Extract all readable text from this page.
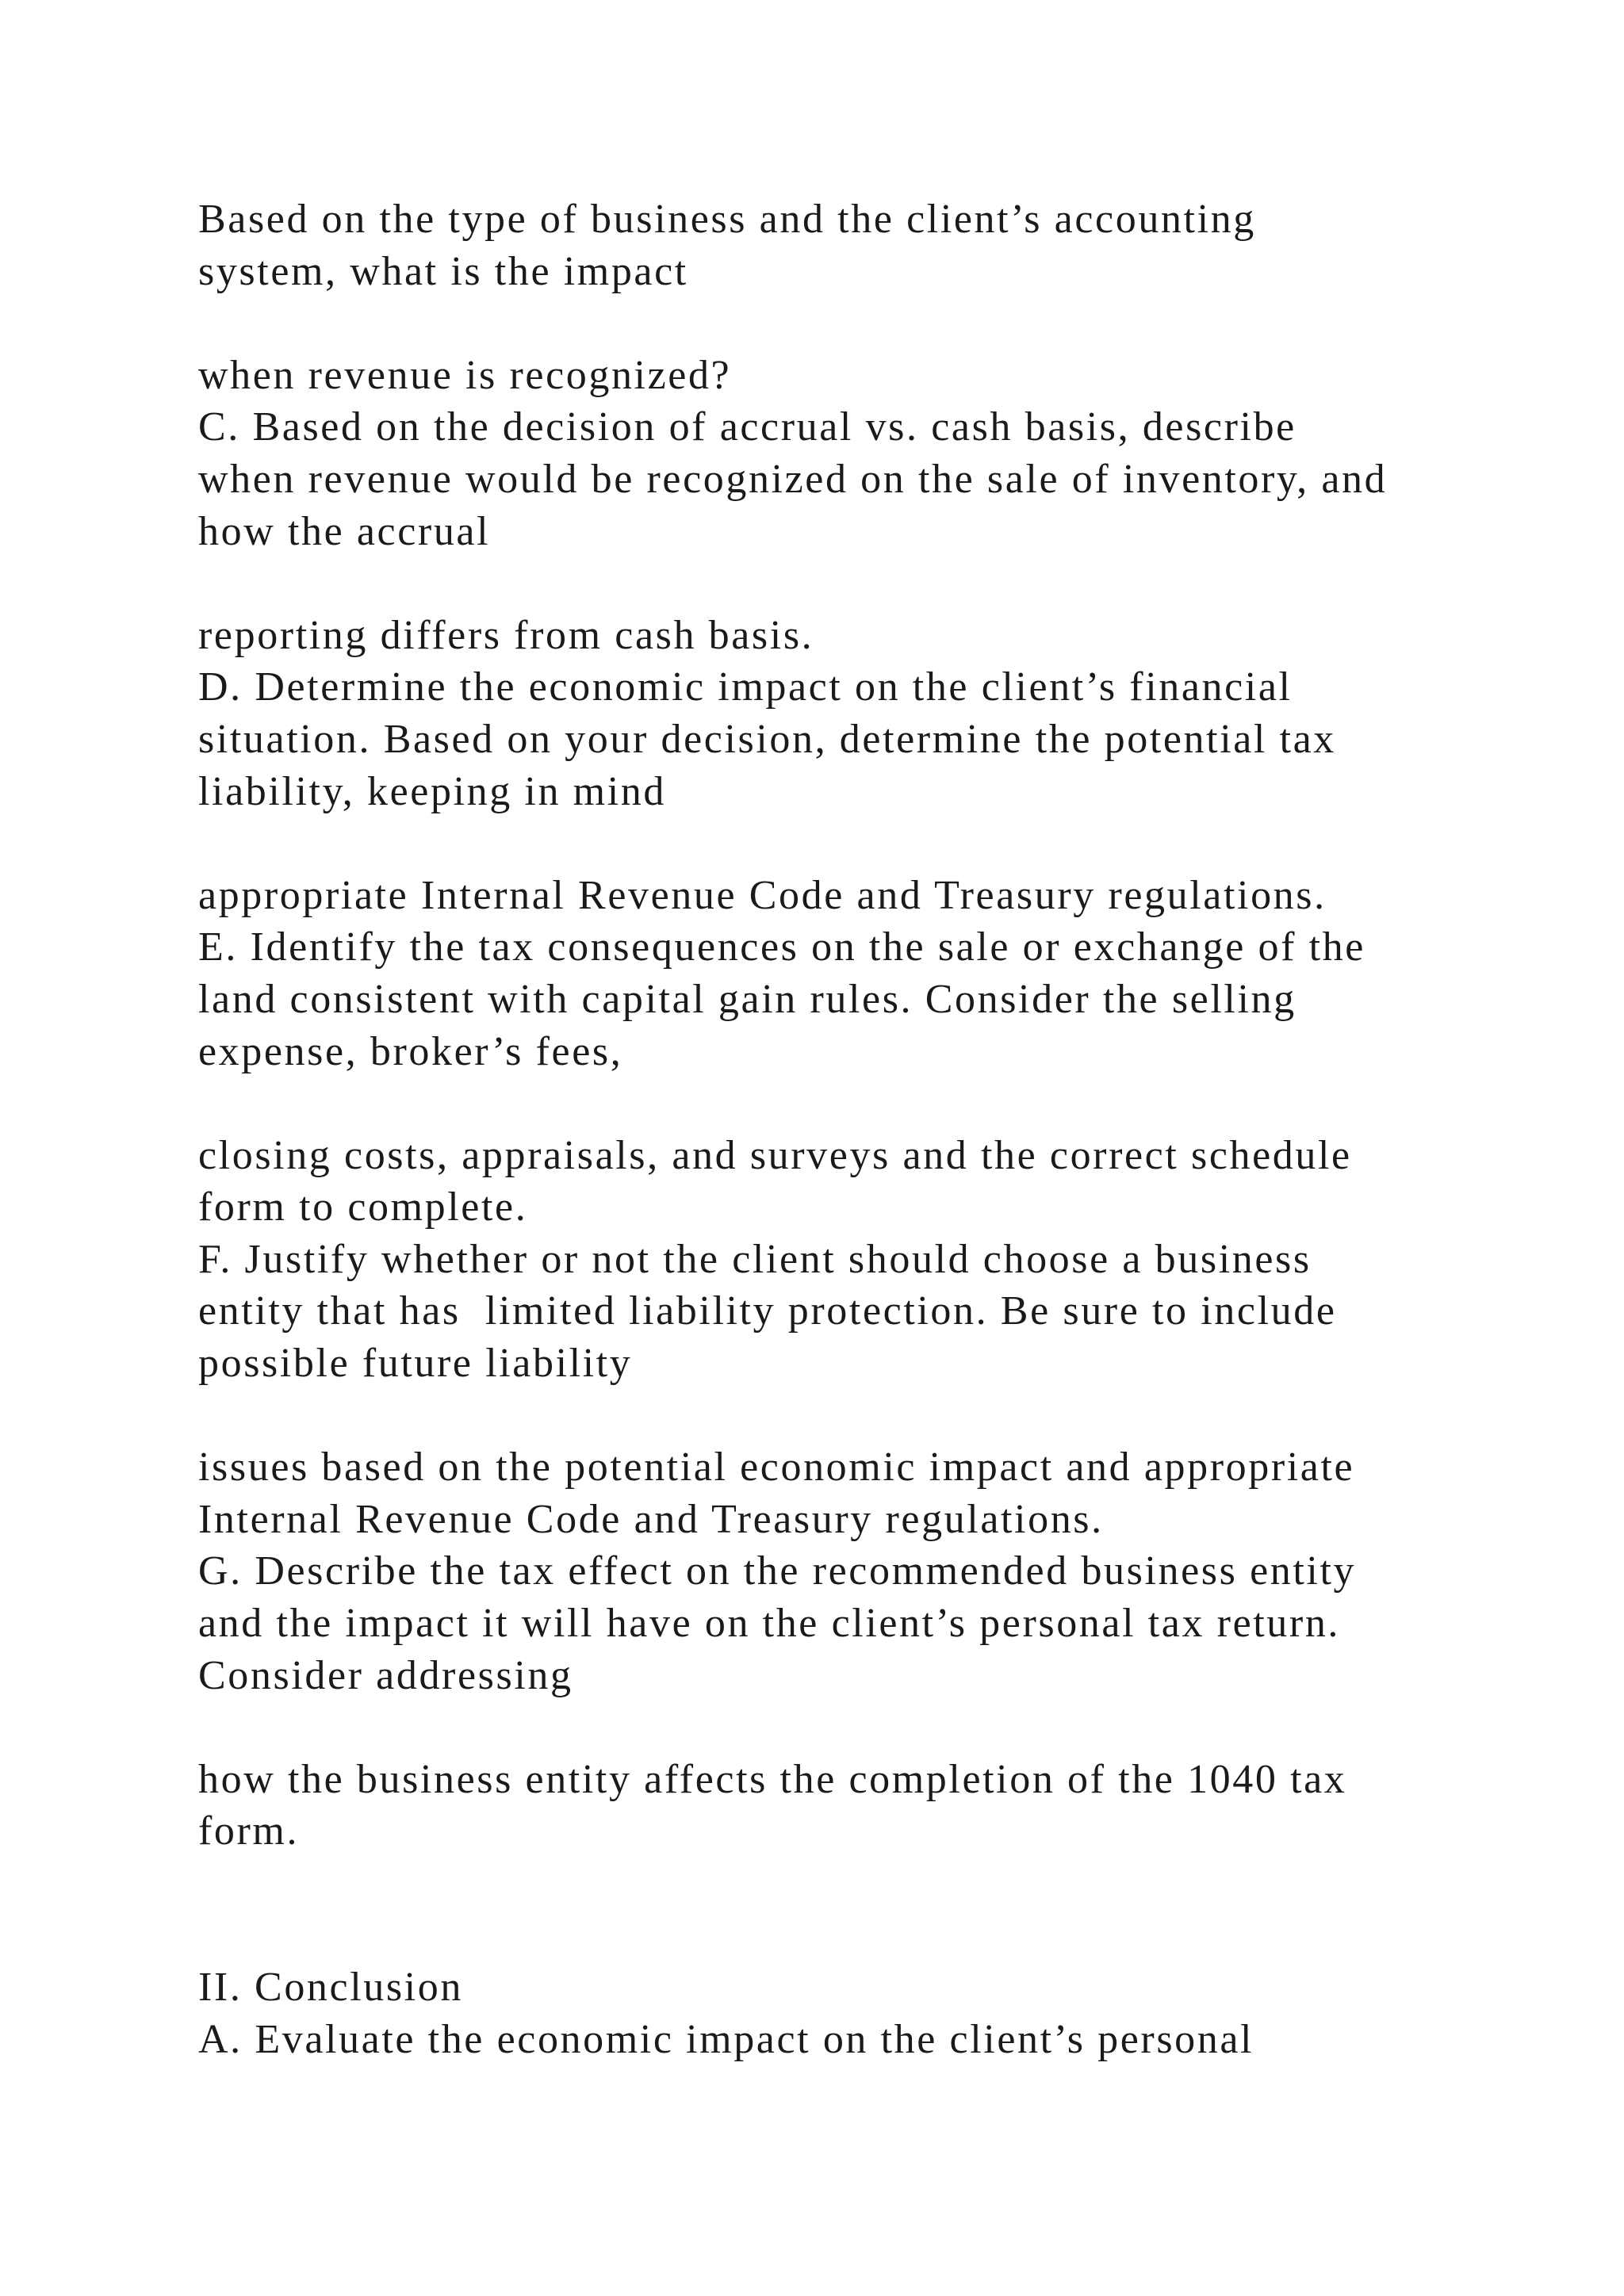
Based on the type of business and the client’s accounting
system, what is the impact
when revenue is recognized?
C. Based on the decision of accrual vs. cash basis, describe
when revenue would be recognized on the sale of inventory, and
how the accrual
reporting differs from cash basis.
D. Determine the economic impact on the client’s financial
situation. Based on your decision, determine the potential tax
liability, keeping in mind
appropriate Internal Revenue Code and Treasury regulations.
E. Identify the tax consequences on the sale or exchange of the
land consistent with capital gain rules. Consider the selling
expense, broker’s fees,
closing costs, appraisals, and surveys and the correct schedule
form to complete.
F. Justify whether or not the client should choose a business
entity that has  limited liability protection. Be sure to include
possible future liability
issues based on the potential economic impact and appropriate
Internal Revenue Code and Treasury regulations.
G. Describe the tax effect on the recommended business entity
and the impact it will have on the client’s personal tax return.
Consider addressing
how the business entity affects the completion of the 1040 tax
form.
II. Conclusion
A. Evaluate the economic impact on the client’s personal
